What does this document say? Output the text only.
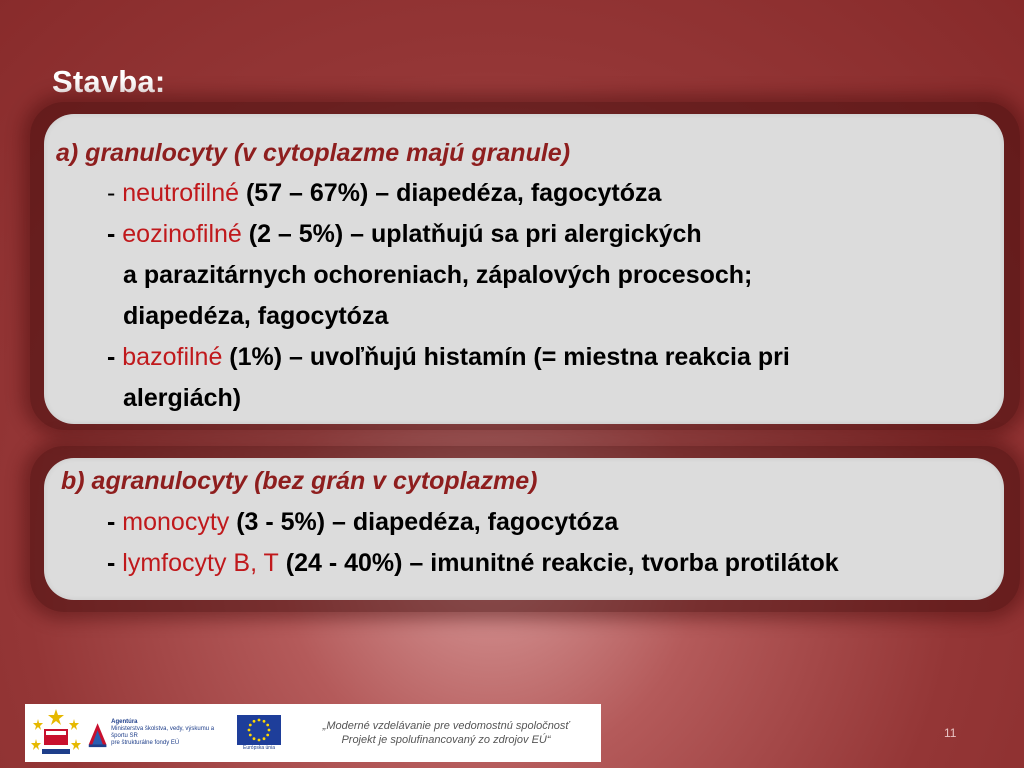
Stavba:
a) granulocyty (v cytoplazme majú granule)
- neutrofilné (57 – 67%) – diapedéza, fagocytóza
- eozinofilné (2 – 5%) – uplatňujú sa pri alergických
a parazitárnych ochoreniach, zápalových procesoch;
diapedéza, fagocytóza
- bazofilné (1%) – uvoľňujú histamín (= miestna reakcia pri
alergiách)
b) agranulocyty (bez grán v cytoplazme)
- monocyty (3 - 5%) – diapedéza, fagocytóza
- lymfocyty B, T (24 - 40%) – imunitné reakcie, tvorba protilátok
Agentúra
Ministerstva školstva, vedy, výskumu a športu SR
pre štrukturálne fondy EÚ
Európska únia
„Moderné vzdelávanie pre vedomostnú spoločnosť
Projekt je spolufinancovaný zo zdrojov EÚ“	11
